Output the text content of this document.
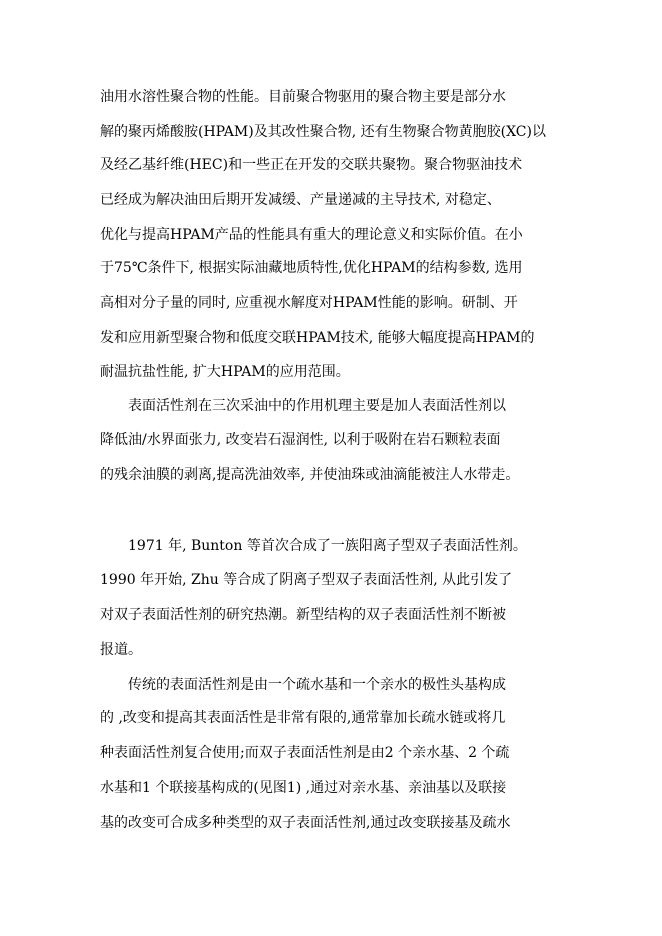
油用水溶性聚合物的性能。目前聚合物驱用的聚合物主要是部分水
解的聚丙烯酸胺(HPAM)及其改性聚合物, 还有生物聚合物黄胞胶(XC)以
及经乙基纤维(HEC)和一些正在开发的交联共聚物。聚合物驱油技术
已经成为解决油田后期开发减缓、产量递减的主导技术, 对稳定、
优化与提高HPAM产品的性能具有重大的理论意义和实际价值。在小
于75℃条件下, 根据实际油藏地质特性,优化HPAM的结构参数, 选用
高相对分子量的同时, 应重视水解度对HPAM性能的影响。研制、开
发和应用新型聚合物和低度交联HPAM技术, 能够大幅度提高HPAM的
耐温抗盐性能, 扩大HPAM的应用范围。
表面活性剂在三次采油中的作用机理主要是加人表面活性剂以
降低油/水界面张力, 改变岩石湿润性, 以利于吸附在岩石颗粒表面
的残余油膜的剥离,提高洗油效率, 并使油珠或油滴能被注人水带走。
1971 年, Bunton 等首次合成了一族阳离子型双子表面活性剂。
1990 年开始, Zhu 等合成了阴离子型双子表面活性剂, 从此引发了
对双子表面活性剂的研究热潮。新型结构的双子表面活性剂不断被
报道。
传统的表面活性剂是由一个疏水基和一个亲水的极性头基构成
的 ,改变和提高其表面活性是非常有限的,通常靠加长疏水链或将几
种表面活性剂复合使用;而双子表面活性剂是由2 个亲水基、2 个疏
水基和1 个联接基构成的(见图1) ,通过对亲水基、亲油基以及联接
基的改变可合成多种类型的双子表面活性剂,通过改变联接基及疏水
